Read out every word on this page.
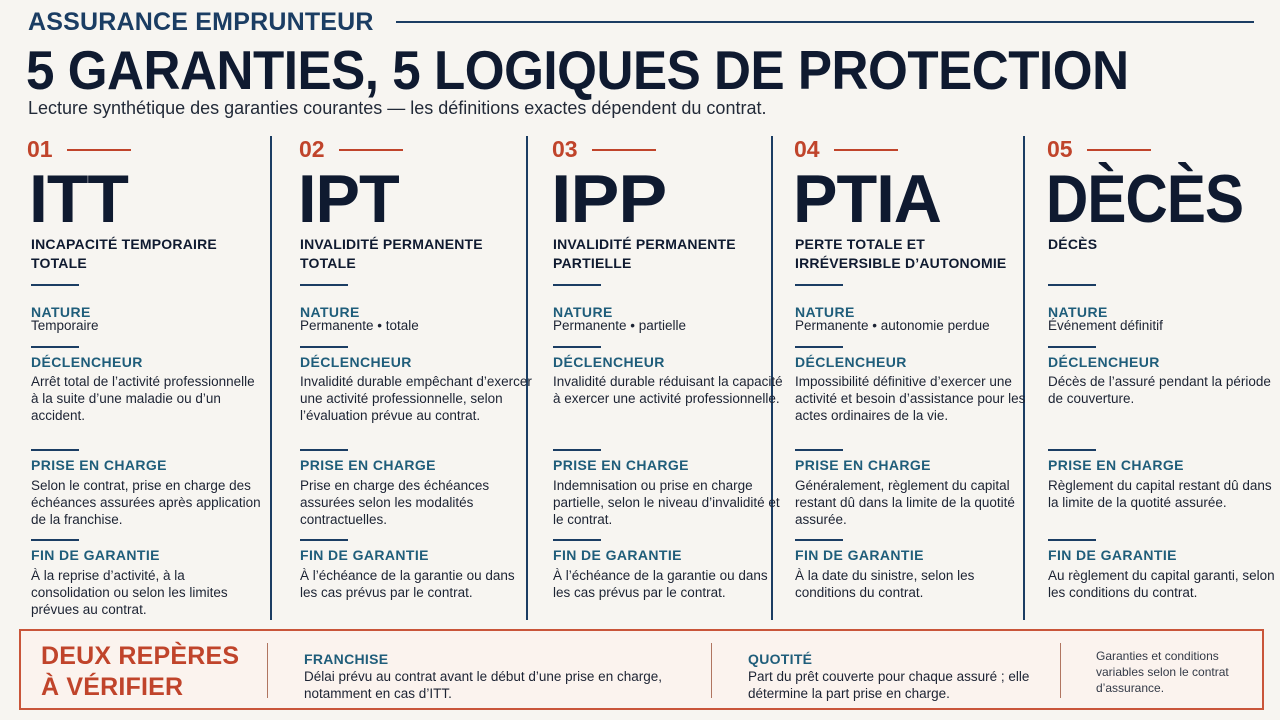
ASSURANCE EMPRUNTEUR
5 GARANTIES, 5 LOGIQUES DE PROTECTION
Lecture synthétique des garanties courantes — les définitions exactes dépendent du contrat.
01
ITT
INCAPACITÉ TEMPORAIRE TOTALE
NATURE
Temporaire
DÉCLENCHEUR
Arrêt total de l’activité professionnelle à la suite d’une maladie ou d’un accident.
PRISE EN CHARGE
Selon le contrat, prise en charge des échéances assurées après application de la franchise.
FIN DE GARANTIE
À la reprise d’activité, à la consolidation ou selon les limites prévues au contrat.
02
IPT
INVALIDITÉ PERMANENTE TOTALE
NATURE
Permanente • totale
DÉCLENCHEUR
Invalidité durable empêchant d’exercer une activité professionnelle, selon l’évaluation prévue au contrat.
PRISE EN CHARGE
Prise en charge des échéances assurées selon les modalités contractuelles.
FIN DE GARANTIE
À l’échéance de la garantie ou dans les cas prévus par le contrat.
03
IPP
INVALIDITÉ PERMANENTE PARTIELLE
NATURE
Permanente • partielle
DÉCLENCHEUR
Invalidité durable réduisant la capacité à exercer une activité professionnelle.
PRISE EN CHARGE
Indemnisation ou prise en charge partielle, selon le niveau d’invalidité et le contrat.
FIN DE GARANTIE
À l’échéance de la garantie ou dans les cas prévus par le contrat.
04
PTIA
PERTE TOTALE ET IRRÉVERSIBLE D’AUTONOMIE
NATURE
Permanente • autonomie perdue
DÉCLENCHEUR
Impossibilité définitive d’exercer une activité et besoin d’assistance pour les actes ordinaires de la vie.
PRISE EN CHARGE
Généralement, règlement du capital restant dû dans la limite de la quotité assurée.
FIN DE GARANTIE
À la date du sinistre, selon les conditions du contrat.
05
DÈCÈS
DÉCÈS
NATURE
Événement définitif
DÉCLENCHEUR
Décès de l’assuré pendant la période de couverture.
PRISE EN CHARGE
Règlement du capital restant dû dans la limite de la quotité assurée.
FIN DE GARANTIE
Au règlement du capital garanti, selon les conditions du contrat.
DEUX REPÈRES
À VÉRIFIER
FRANCHISE
Délai prévu au contrat avant le début d’une prise en charge, notamment en cas d’ITT.
QUOTITÉ
Part du prêt couverte pour chaque assuré ; elle détermine la part prise en charge.
Garanties et conditions variables selon le contrat d’assurance.
